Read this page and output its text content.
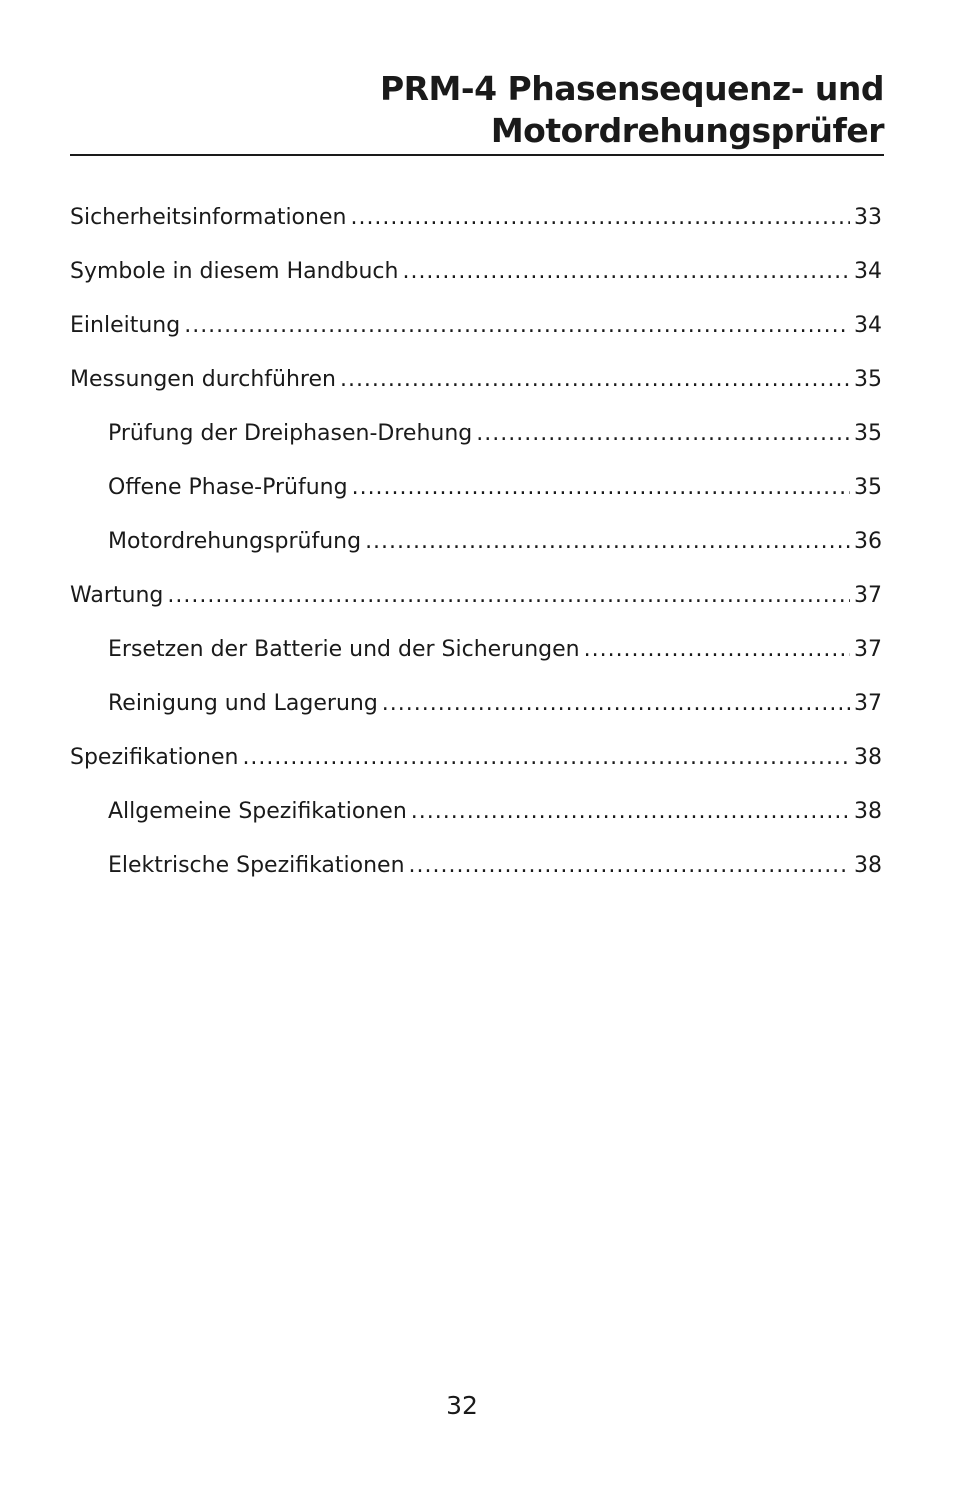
PRM-4 Phasensequenz- und
Motordrehungsprüfer
Sicherheitsinformationen .....	33
Symbole in diesem Handbuch .....	34
Einleitung .....	34
Messungen durchführen .....	35
Prüfung der Dreiphasen-Drehung .....	35
Offene Phase-Prüfung .....	35
Motordrehungsprüfung .....	36
Wartung .....	37
Ersetzen der Batterie und der Sicherungen .....	37
Reinigung und Lagerung .....	37
Spezifikationen .....	38
Allgemeine Spezifikationen .....	38
Elektrische Spezifikationen .....	38
32
